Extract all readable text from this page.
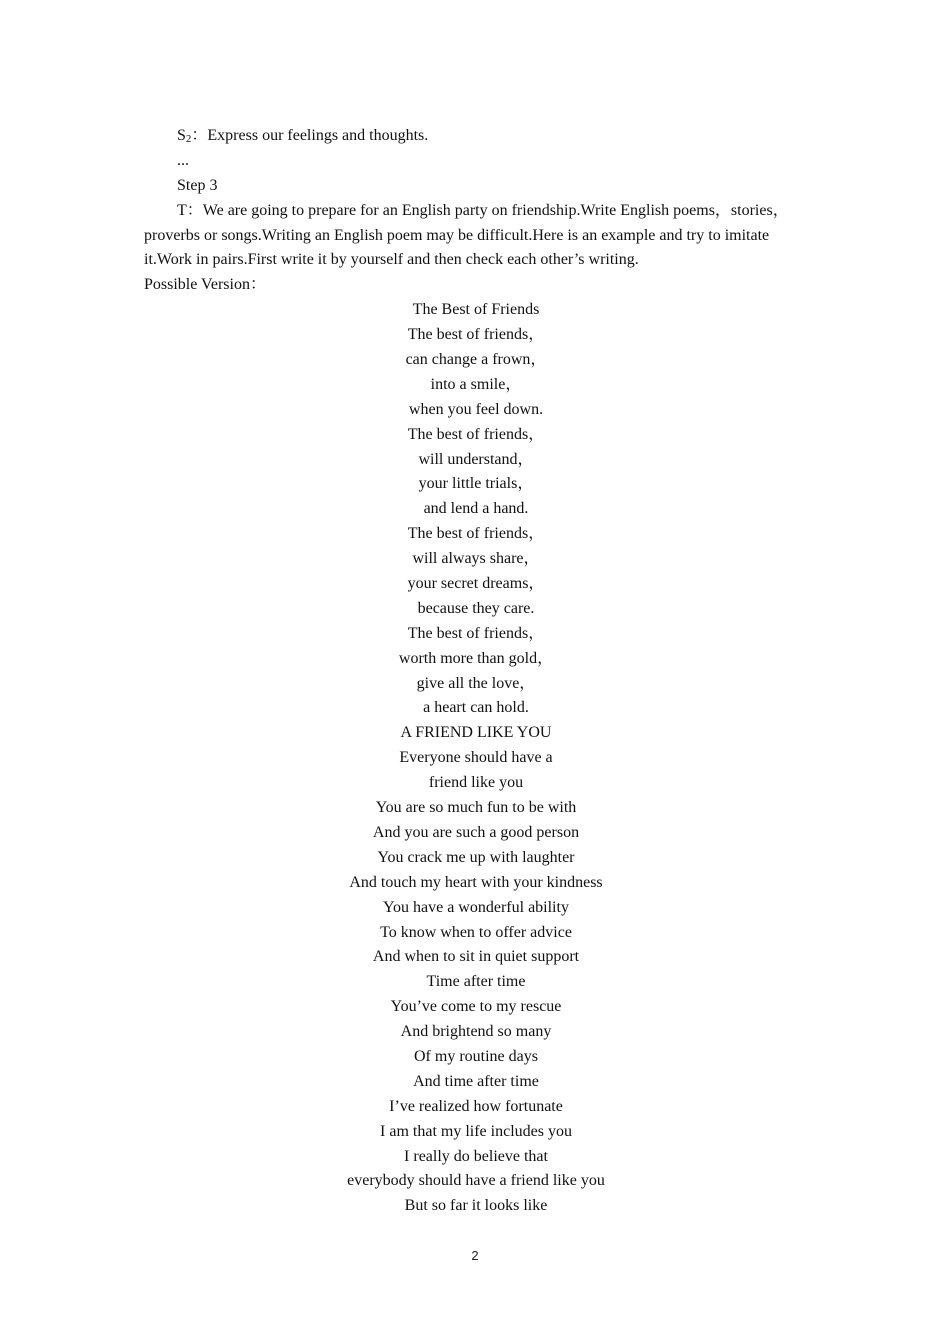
$S_2$：Express our feelings and thoughts.
...
Step 3
T：We are going to prepare for an English party on friendship.Write English poems，stories，
proverbs or songs.Writing an English poem may be difficult.Here is an example and try to imitate
it.Work in pairs.First write it by yourself and then check each other’s writing.
Possible Version：
The Best of Friends
The best of friends，
can change a frown，
into a smile，
when you feel down.
The best of friends，
will understand，
your little trials，
and lend a hand.
The best of friends，
will always share，
your secret dreams，
because they care.
The best of friends，
worth more than gold，
give all the love，
a heart can hold.
A FRIEND LIKE YOU
Everyone should have a
friend like you
You are so much fun to be with
And you are such a good person
You crack me up with laughter
And touch my heart with your kindness
You have a wonderful ability
To know when to offer advice
And when to sit in quiet support
Time after time
You’ve come to my rescue
And brightend so many
Of my routine days
And time after time
I’ve realized how fortunate
I am that my life includes you
I really do believe that
everybody should have a friend like you
But so far it looks like
2
